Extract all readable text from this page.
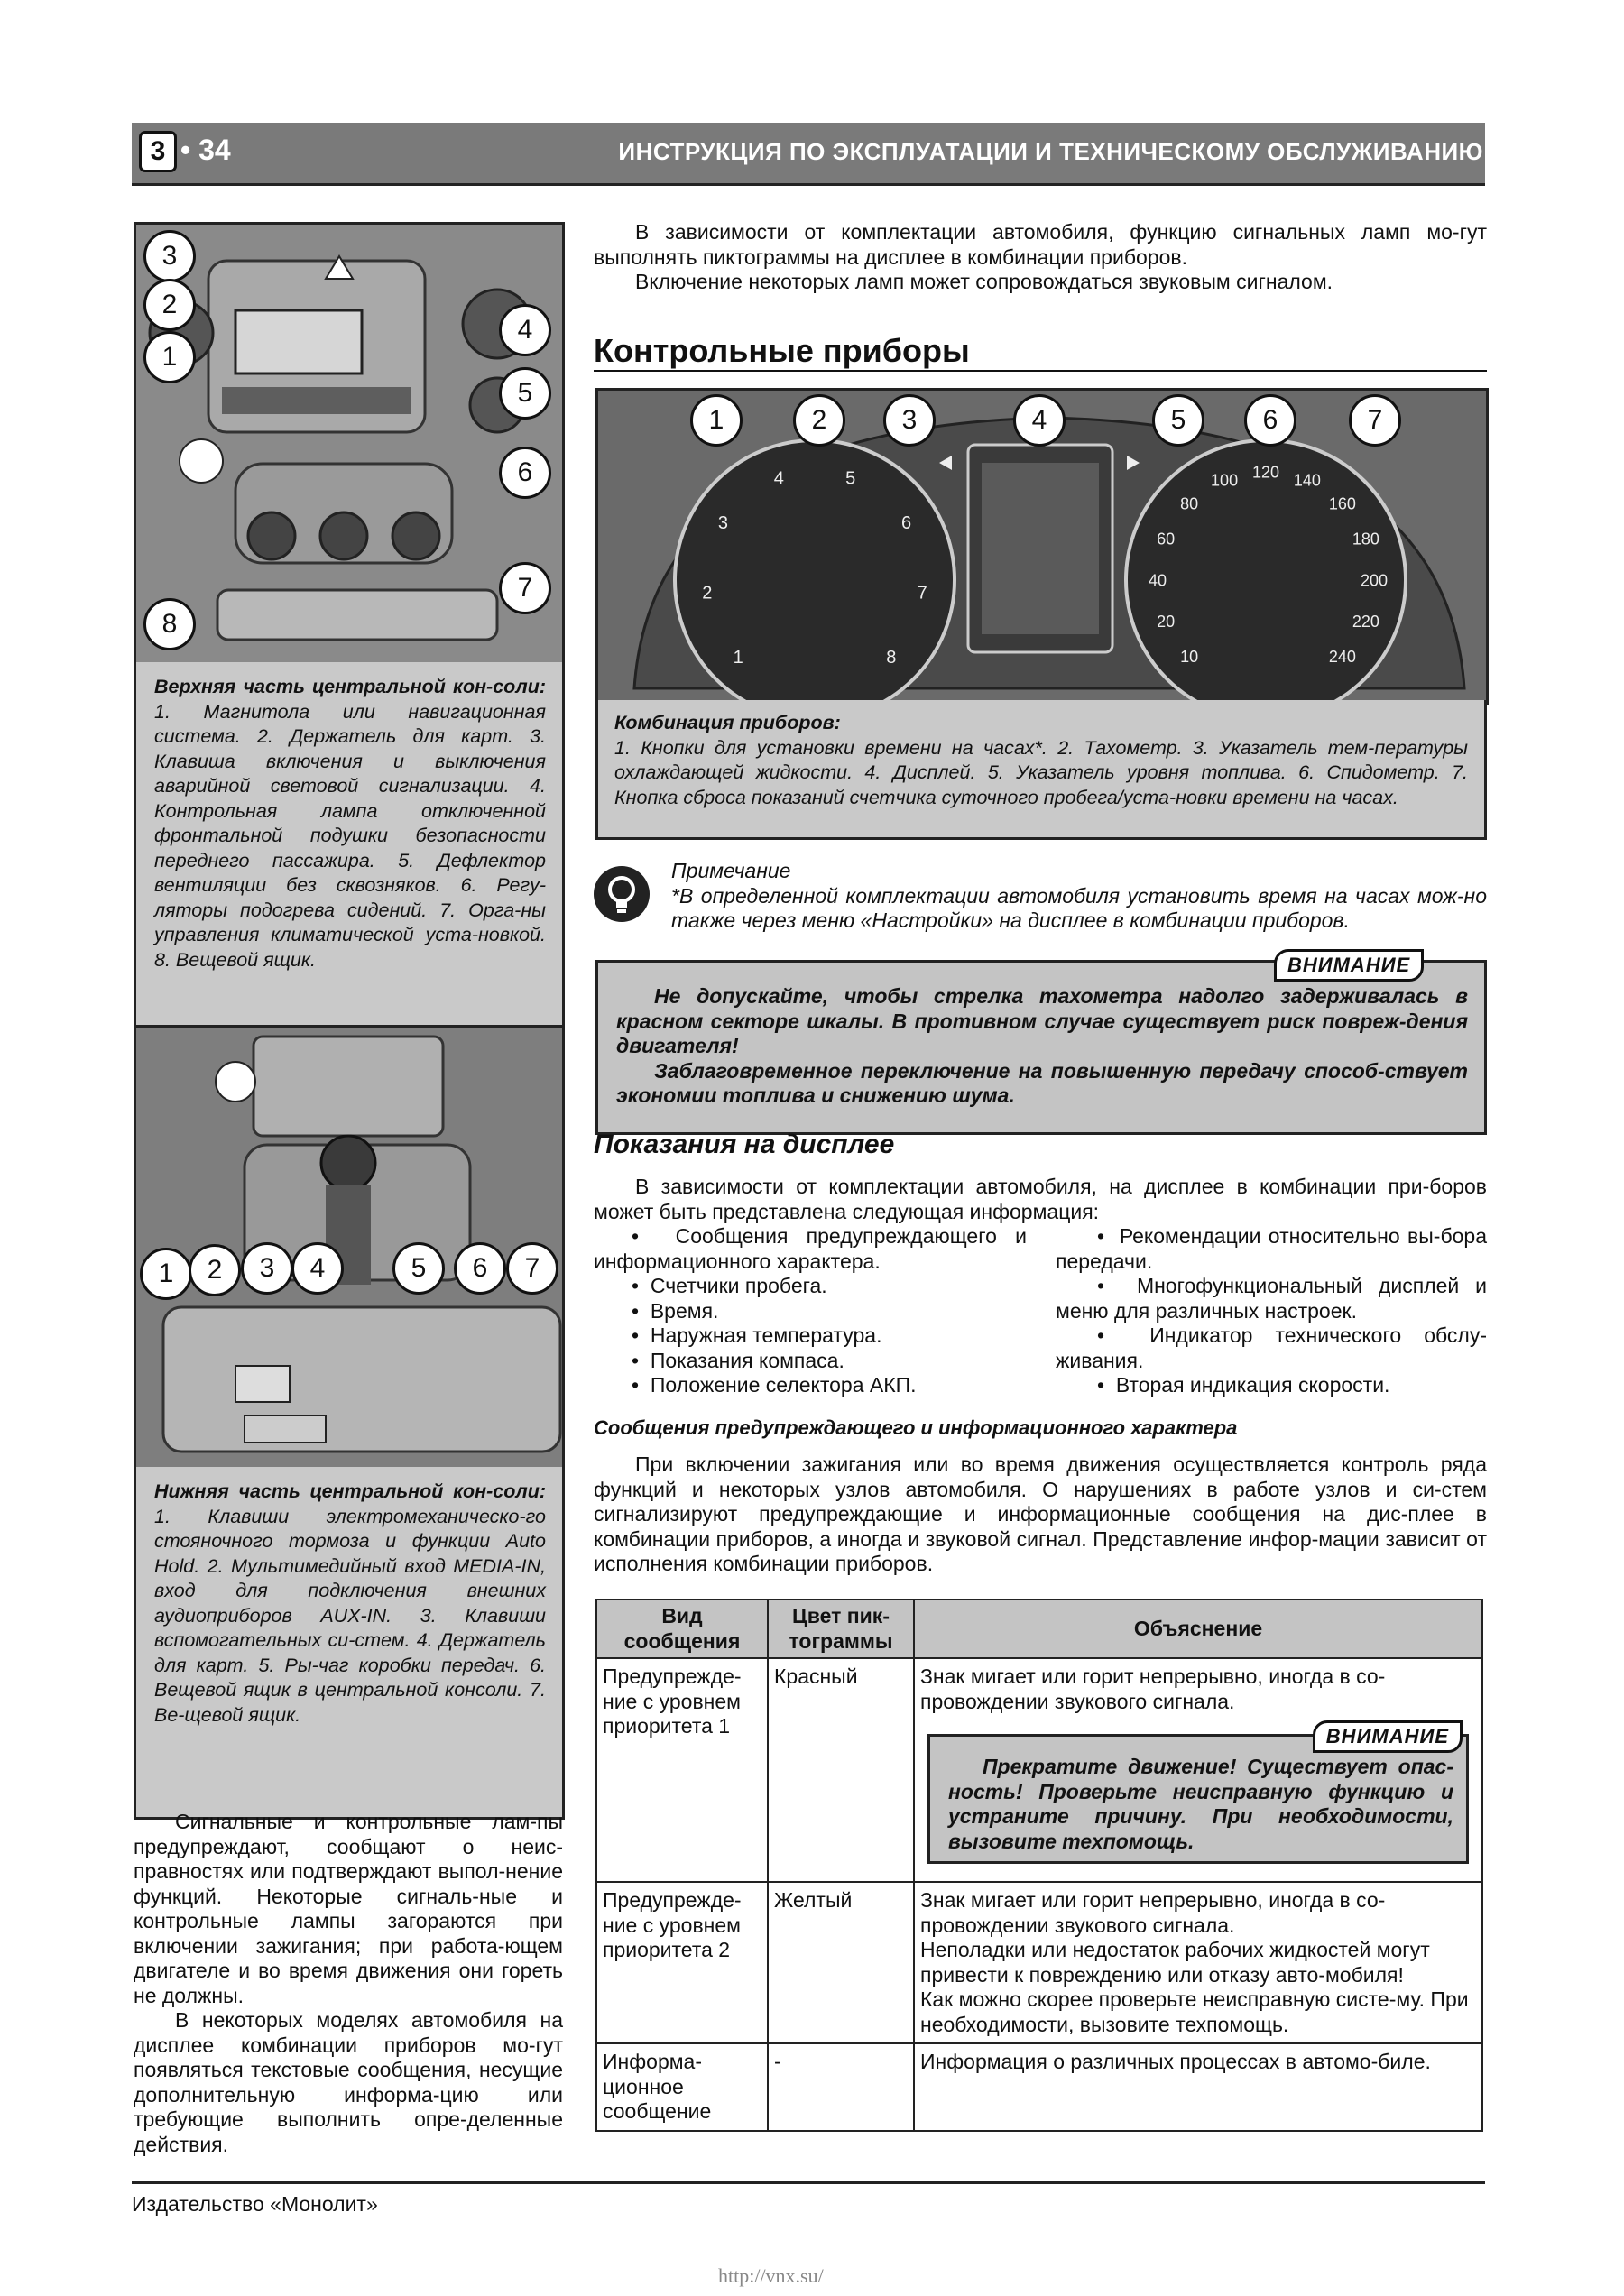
3 • 34	ИНСТРУКЦИЯ ПО ЭКСПЛУАТАЦИИ И ТЕХНИЧЕСКОМУ ОБСЛУЖИВАНИЮ
3
2
1
4
5
6
7
8
Верхняя часть центральной кон-соли: 1. Магнитола или навигационная система. 2. Держатель для карт. 3. Клавиша включения и выключения аварийной световой сигнализации. 4. Контрольная лампа отключенной фронтальной подушки безопасности переднего пассажира. 5. Дефлектор вентиляции без сквозняков. 6. Регу-ляторы подогрева сидений. 7. Орга-ны управления климатической уста-новкой. 8. Вещевой ящик.
1	2	3	4	5	6	7
Нижняя часть центральной кон-соли: 1. Клавиши электромеханическо-го стояночного тормоза и функции Auto Hold. 2. Мультимедийный вход MEDIA-IN, вход для подключения внешних аудиоприборов AUX-IN. 3. Клавиши вспомогательных си-стем. 4. Держатель для карт. 5. Ры-чаг коробки передач. 6. Вещевой ящик в центральной консоли. 7. Ве-щевой ящик.

Сигнальные и контрольные лам-пы предупреждают, сообщают о неис-правностях или подтверждают выпол-нение функций. Некоторые сигналь-ные и контрольные лампы загораются при включении зажигания; при работа-ющем двигателе и во время движения они гореть не должны.

В некоторых моделях автомобиля на дисплее комбинации приборов мо-гут появляться текстовые сообщения, несущие дополнительную информа-цию или требующие выполнить опре-деленные действия.

В зависимости от комплектации автомобиля, функцию сигнальных ламп мо-гут выполнять пиктограммы на дисплее в комбинации приборов.

Включение некоторых ламп может сопровождаться звуковым сигналом.

Контрольные приборы
1
2
3
4	5
6
7
8	10
20
40
60
80
100 120 140
160
180
200
220
240
1	2	3	4	5	6	7
Комбинация приборов:
1. Кнопки для установки времени на часах*. 2. Тахометр. 3. Указатель тем-пературы охлаждающей жидкости. 4. Дисплей. 5. Указатель уровня топлива. 6. Спидометр. 7. Кнопка сброса показаний счетчика суточного пробега/уста-новки времени на часах.
Примечание
*В определенной комплектации автомобиля установить время на часах мож-но также через меню «Настройки» на дисплее в комбинации приборов.
Не допускайте, чтобы стрелка тахометра надолго задерживалась в красном секторе шкалы. В противном случае существует риск повреж-дения двигателя!
Заблаговременное переключение на повышенную передачу способ-ствует экономии топлива и снижению шума.
ВНИМАНИЕ
Показания на дисплее

В зависимости от комплектации автомобиля, на дисплее в комбинации при-боров может быть представлена следующая информация:

•  Сообщения предупреждающего и информационного характера.
•  Счетчики пробега.
•  Время.
•  Наружная температура.
•  Показания компаса.
•  Положение селектора АКП.
•  Рекомендации относительно вы-бора передачи.
•  Многофункциональный дисплей и меню для различных настроек.
•  Индикатор технического обслу-живания.
•  Вторая индикация скорости.
Сообщения предупреждающего и информационного характера

При включении зажигания или во время движения осуществляется контроль ряда функций и некоторых узлов автомобиля. О нарушениях в работе узлов и си-стем сигнализируют предупреждающие и информационные сообщения на дис-плее в комбинации приборов, а иногда и звуковой сигнал. Представление инфор-мации зависит от исполнения комбинации приборов.

Вид сообщения	Цвет пик-тограммы	Объяснение
Предупрежде-ние с уровнем приоритета 1	Красный	Знак мигает или горит непрерывно, иногда в со-провождении звукового сигнала.
ВНИМАНИЕ
Прекратите движение! Существует опас-ность! Проверьте неисправную функцию и устраните причину. При необходимости, вызовите техпомощь.

Предупрежде-ние с уровнем приоритета 2	Желтый	Знак мигает или горит непрерывно, иногда в со-провождении звукового сигнала.
Неполадки или недостаток рабочих жидкостей могут привести к повреждению или отказу авто-мобиля!
Как можно скорее проверьте неисправную систе-му. При необходимости, вызовите техпомощь.

Информа-ционное сообщение	-	Информация о различных процессах в автомо-биле.
Издательство «Монолит»
http://vnx.su/
